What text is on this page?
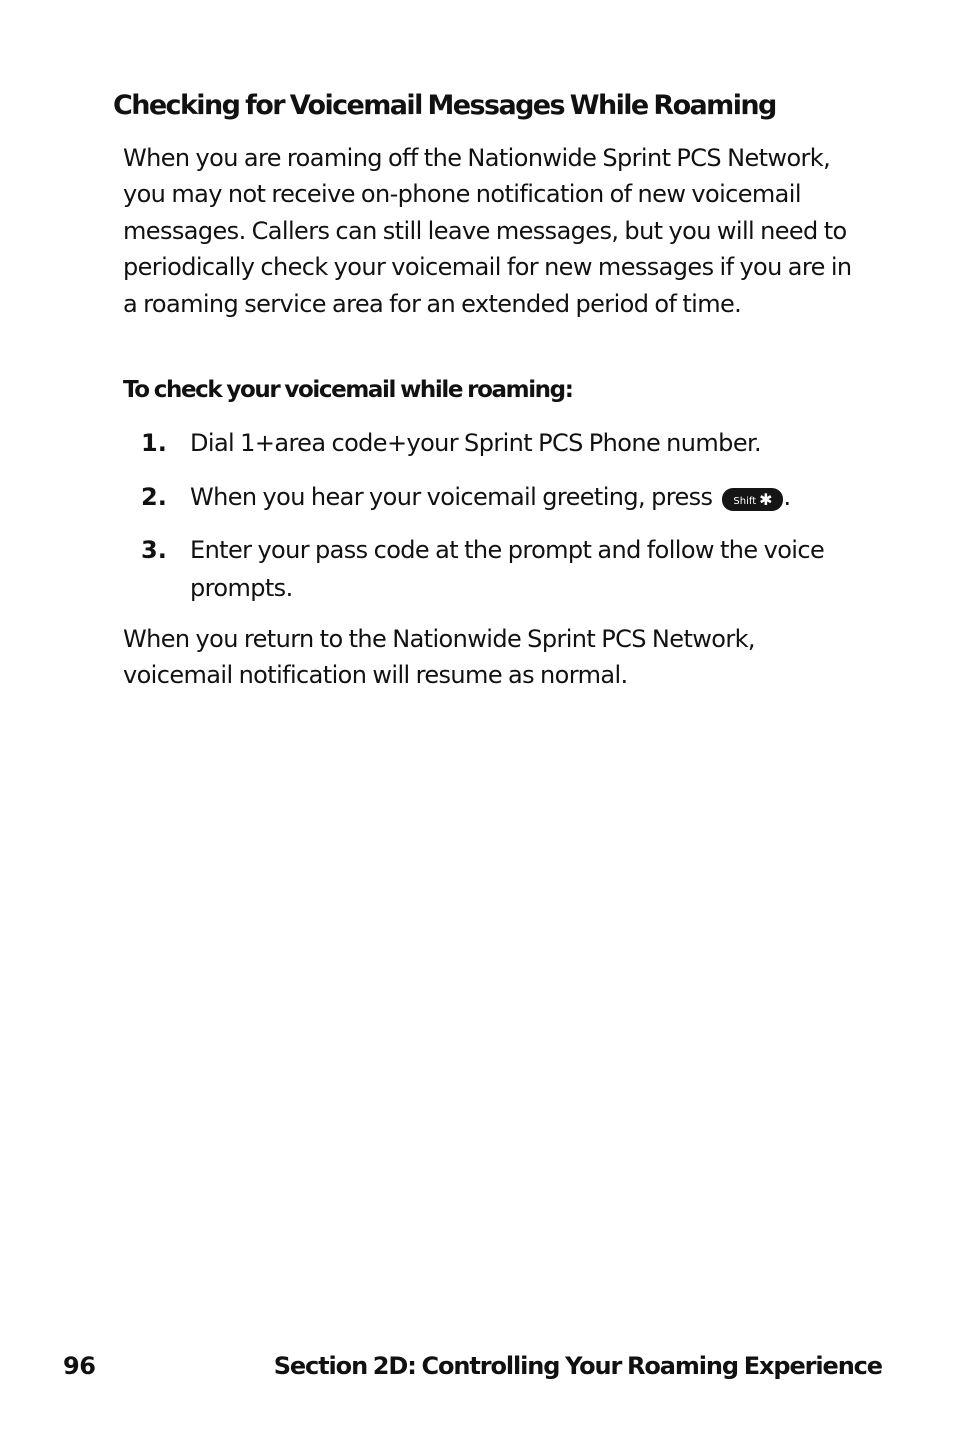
Checking for Voicemail Messages While Roaming

When you are roaming off the Nationwide Sprint PCS Network, you may not receive on-phone notification of new voicemail messages. Callers can still leave messages, but you will need to periodically check your voicemail for new messages if you are in a roaming service area for an extended period of time.

To check your voicemail while roaming:

1. Dial 1+area code+your Sprint PCS Phone number.
2. When you hear your voicemail greeting, press Shift ✱ .
3. Enter your pass code at the prompt and follow the voice prompts.

When you return to the Nationwide Sprint PCS Network, voicemail notification will resume as normal.

96	Section 2D: Controlling Your Roaming Experience
